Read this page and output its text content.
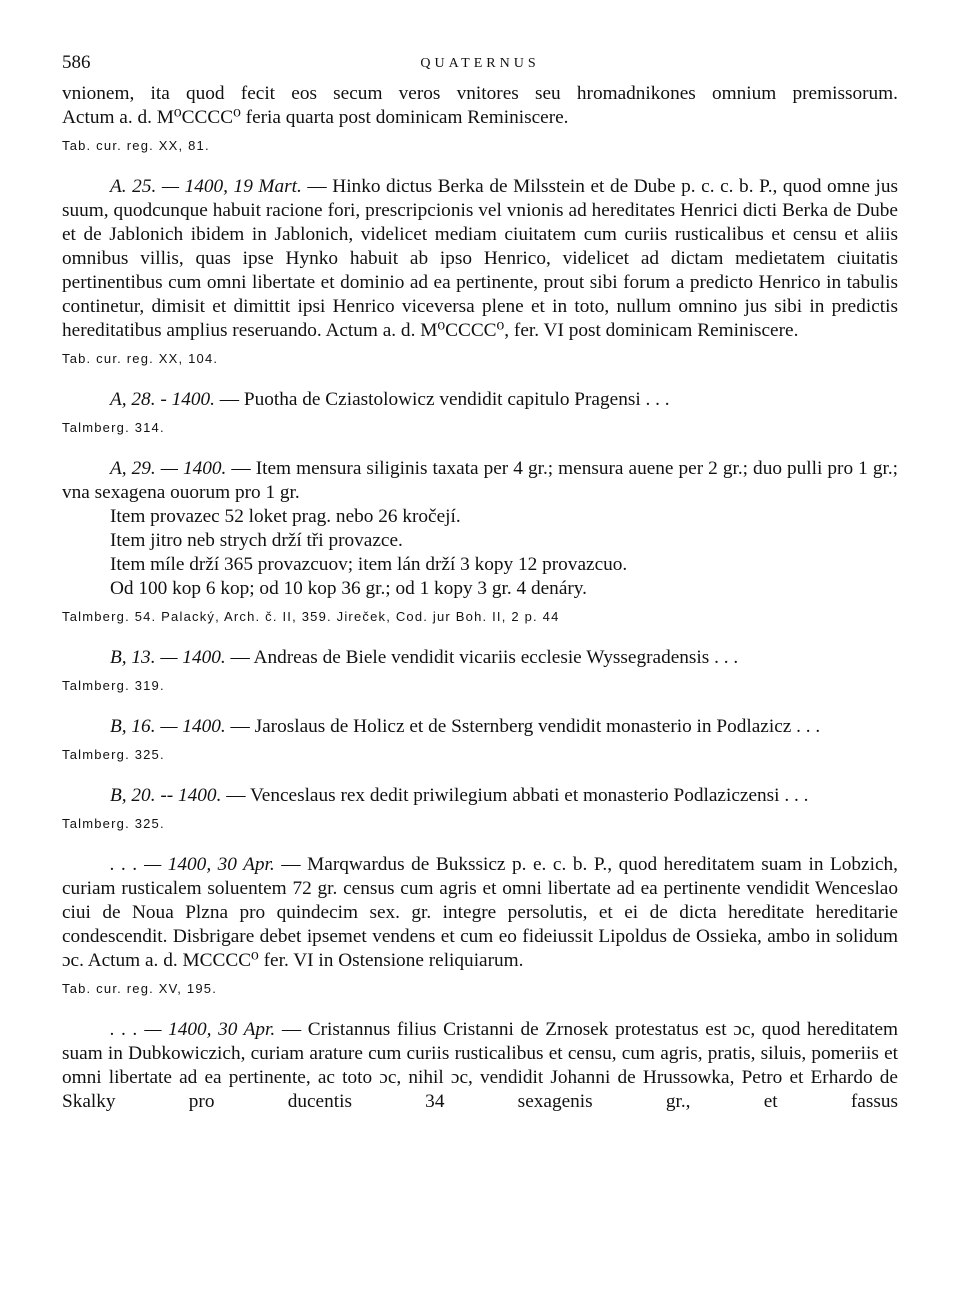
586	QUATERNUS
vnionem, ita quod fecit eos secum veros vnitores seu hromadnikones omnium premissorum.
Actum a. d. M⁰CCCC⁰ feria quarta post dominicam Reminiscere.
Tab. cur. reg. XX, 81.

A. 25. — 1400, 19 Mart. — Hinko dictus Berka de Milsstein et de Dube p. c. c. b. P., quod omne jus suum, quodcunque habuit racione fori, prescripcionis vel vnionis ad hereditates Henrici dicti Berka de Dube et de Jablonich ibidem in Jablonich, videlicet mediam ciuitatem cum curiis rusticalibus et censu et aliis omnibus villis, quas ipse Hynko habuit ab ipso Henrico, videlicet ad dictam medietatem ciuitatis pertinentibus cum omni libertate et dominio ad ea pertinente, prout sibi forum a predicto Henrico in tabulis continetur, dimisit et dimittit ipsi Henrico viceversa plene et in toto, nullum omnino jus sibi in predictis hereditatibus amplius reseruando. Actum a. d. M⁰CCCC⁰, fer. VI post dominicam Reminiscere.

Tab. cur. reg. XX, 104.

A, 28. - 1400. — Puotha de Cziastolowicz vendidit capitulo Pragensi . . .

Talmberg. 314.

A, 29. — 1400. — Item mensura siliginis taxata per 4 gr.; mensura auene per 2 gr.; duo pulli pro 1 gr.; vna sexagena ouorum pro 1 gr.

Item provazec 52 loket prag. nebo 26 kročejí.
Item jitro neb strych drží tři provazce.
Item míle drží 365 provazcuov; item lán drží 3 kopy 12 provazcuo.
Od 100 kop 6 kop; od 10 kop 36 gr.; od 1 kopy 3 gr. 4 denáry.
Talmberg. 54. Palacký, Arch. č. II, 359. Jireček, Cod. jur Boh. II, 2 p. 44

B, 13. — 1400. — Andreas de Biele vendidit vicariis ecclesie Wyssegradensis . . .

Talmberg. 319.

B, 16. — 1400. — Jaroslaus de Holicz et de Ssternberg vendidit monasterio in Podlazicz . . .

Talmberg. 325.

B, 20. -- 1400. — Venceslaus rex dedit priwilegium abbati et monasterio Podlaziczensi . . .

Talmberg. 325.

. . . — 1400, 30 Apr. — Marqwardus de Bukssicz p. e. c. b. P., quod hereditatem suam in Lobzich, curiam rusticalem soluentem 72 gr. census cum agris et omni libertate ad ea pertinente vendidit Wenceslao ciui de Noua Plzna pro quindecim sex. gr. integre persolutis, et ei de dicta hereditate hereditarie condescendit. Disbrigare debet ipsemet vendens et cum eo fideiussit Lipoldus de Ossieka, ambo in solidum ɔc. Actum a. d. MCCCC⁰ fer. VI in Ostensione reliquiarum.

Tab. cur. reg. XV, 195.

. . . — 1400, 30 Apr. — Cristannus filius Cristanni de Zrnosek protestatus est ɔc, quod hereditatem suam in Dubkowiczich, curiam arature cum curiis rusticalibus et censu, cum agris, pratis, siluis, pomeriis et omni libertate ad ea pertinente, ac toto ɔc, nihil ɔc, vendidit Johanni de Hrussowka, Petro et Erhardo de Skalky pro ducentis 34 sexagenis gr., et fassus
